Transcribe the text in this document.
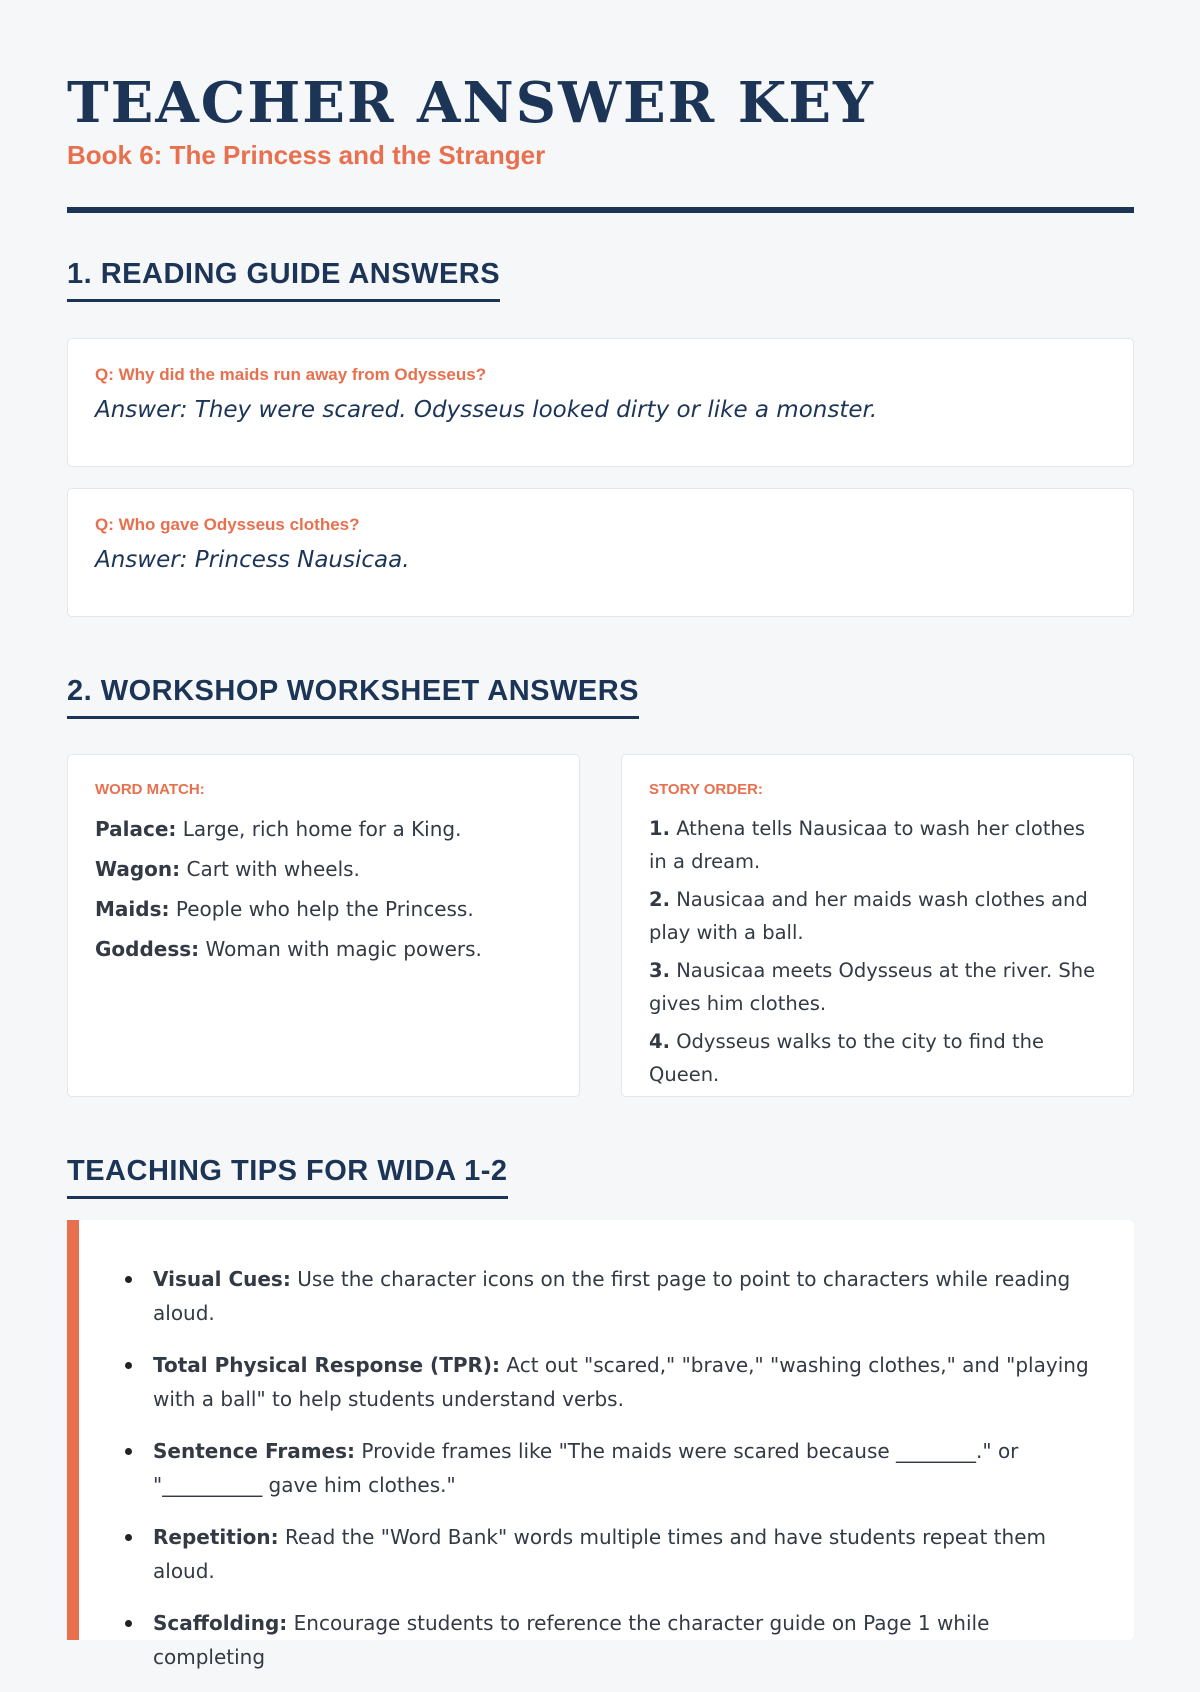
TEACHER ANSWER KEY
Book 6: The Princess and the Stranger
1. READING GUIDE ANSWERS
Q: Why did the maids run away from Odysseus?
Answer: They were scared. Odysseus looked dirty or like a monster.
Q: Who gave Odysseus clothes?
Answer: Princess Nausicaa.
2. WORKSHOP WORKSHEET ANSWERS
WORD MATCH:
Palace: Large, rich home for a King.
Wagon: Cart with wheels.
Maids: People who help the Princess.
Goddess: Woman with magic powers.
STORY ORDER:
1. Athena tells Nausicaa to wash her clothes in a dream.
2. Nausicaa and her maids wash clothes and play with a ball.
3. Nausicaa meets Odysseus at the river. She gives him clothes.
4. Odysseus walks to the city to find the Queen.
TEACHING TIPS FOR WIDA 1-2
Visual Cues: Use the character icons on the first page to point to characters while reading aloud.
Total Physical Response (TPR): Act out "scared," "brave," "washing clothes," and "playing with a ball" to help students understand verbs.
Sentence Frames: Provide frames like "The maids were scared because ________." or "__________ gave him clothes."
Repetition: Read the "Word Bank" words multiple times and have students repeat them aloud.
Scaffolding: Encourage students to reference the character guide on Page 1 while completing
